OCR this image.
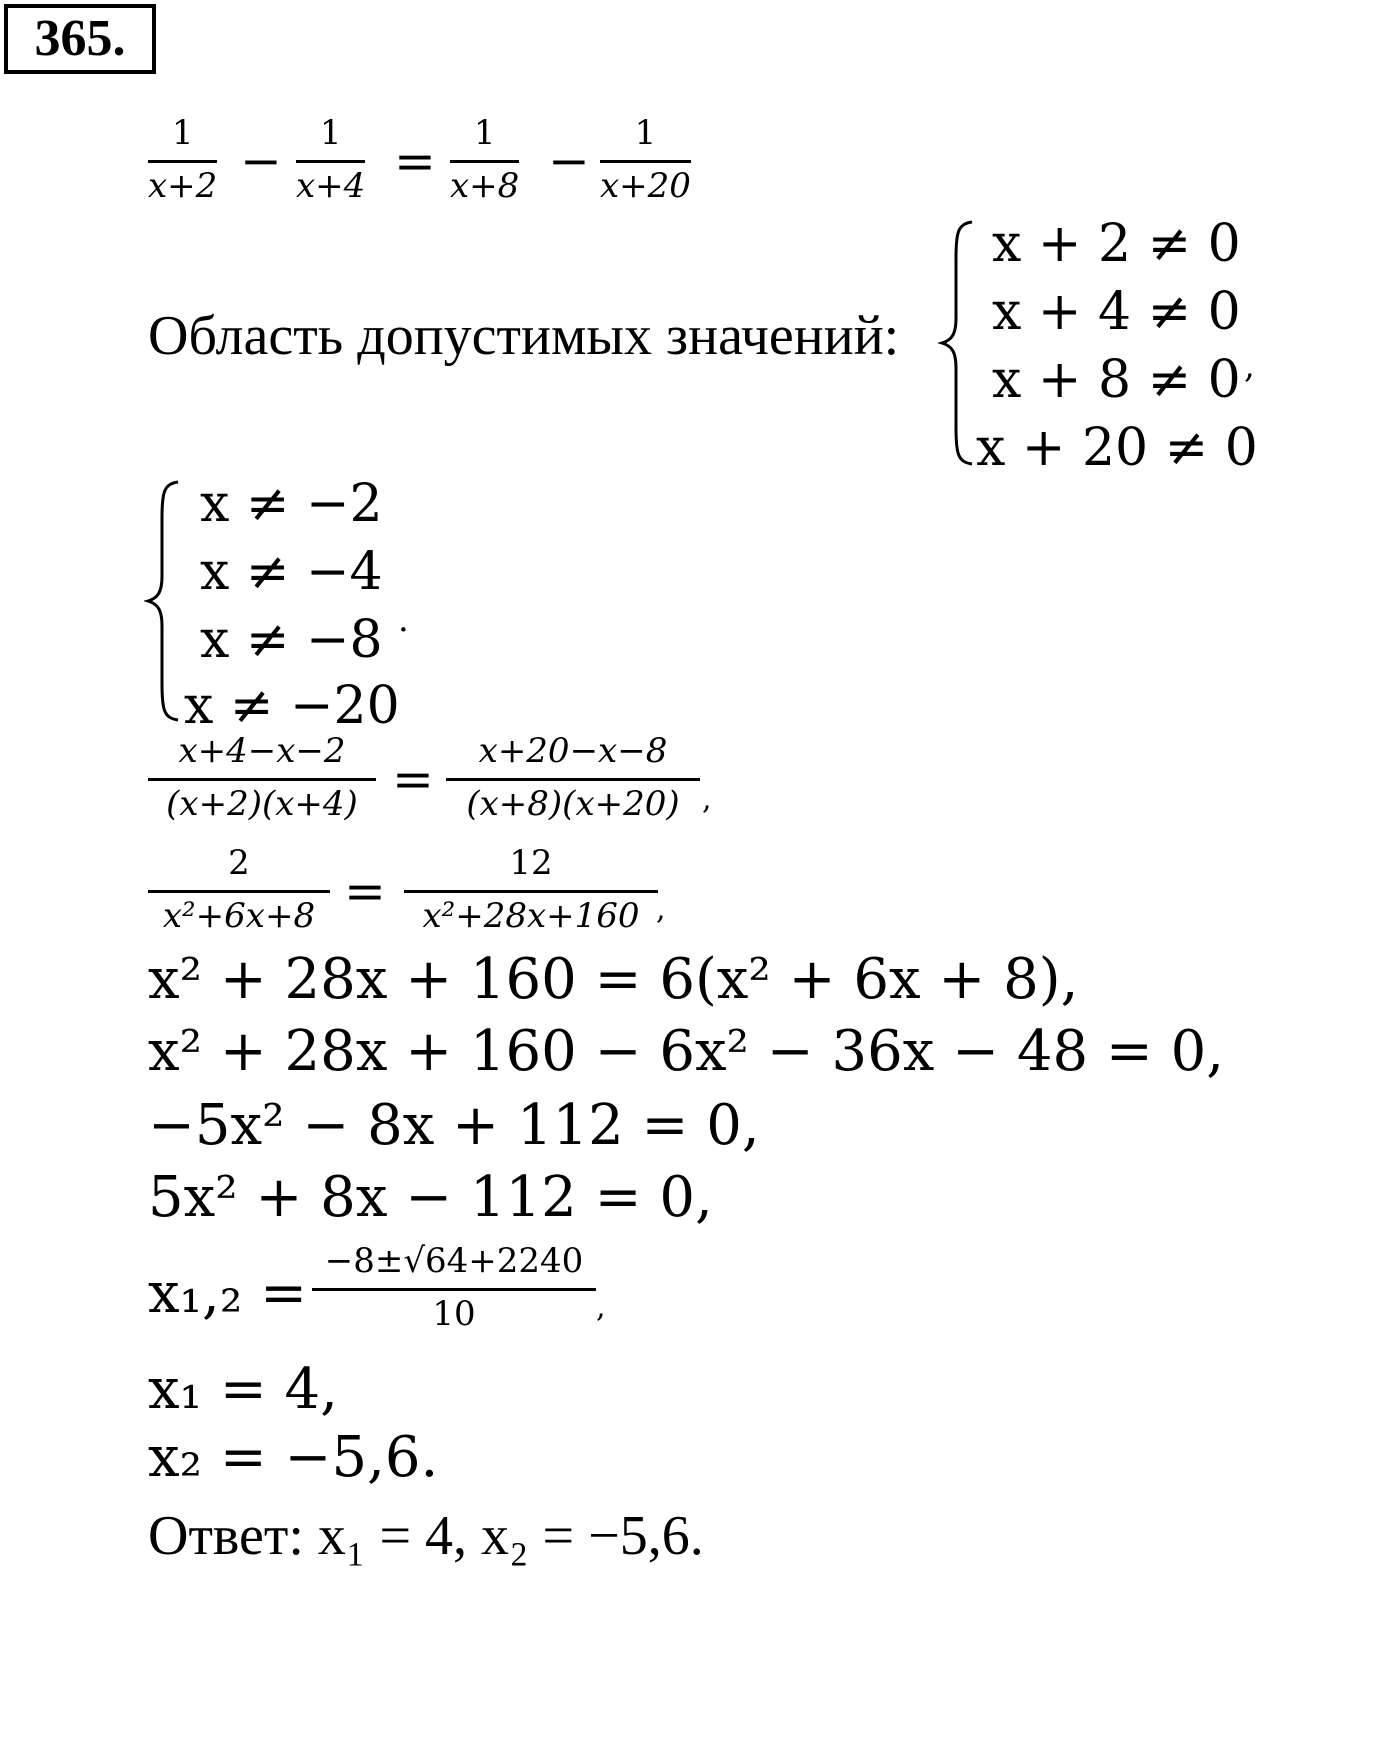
365.
1
x+2 − 1
x+4 = 1
x+8 − 1
x+20
Область допустимых значений:
x + 2 ≠ 0
x + 4 ≠ 0
x + 8 ≠ 0
x + 20 ≠ 0
,
x ≠ −2
x ≠ −4
x ≠ −8
x ≠ −20
.
x+4−x−2
(x+2)(x+4) = x+20−x−8
(x+8)(x+20) ,
2
x²+6x+8 =	12
x²+28x+160 ,
x² + 28x + 160 = 6(x² + 6x + 8),
x² + 28x + 160 − 6x² − 36x − 48 = 0,
−5x² − 8x + 112 = 0,
5x² + 8x − 112 = 0,
x₁,₂ = −8±√64+2240
10	,
x₁ = 4,
x₂ = −5,6.
Ответ: x₁ = 4, x₂ = −5,6.
